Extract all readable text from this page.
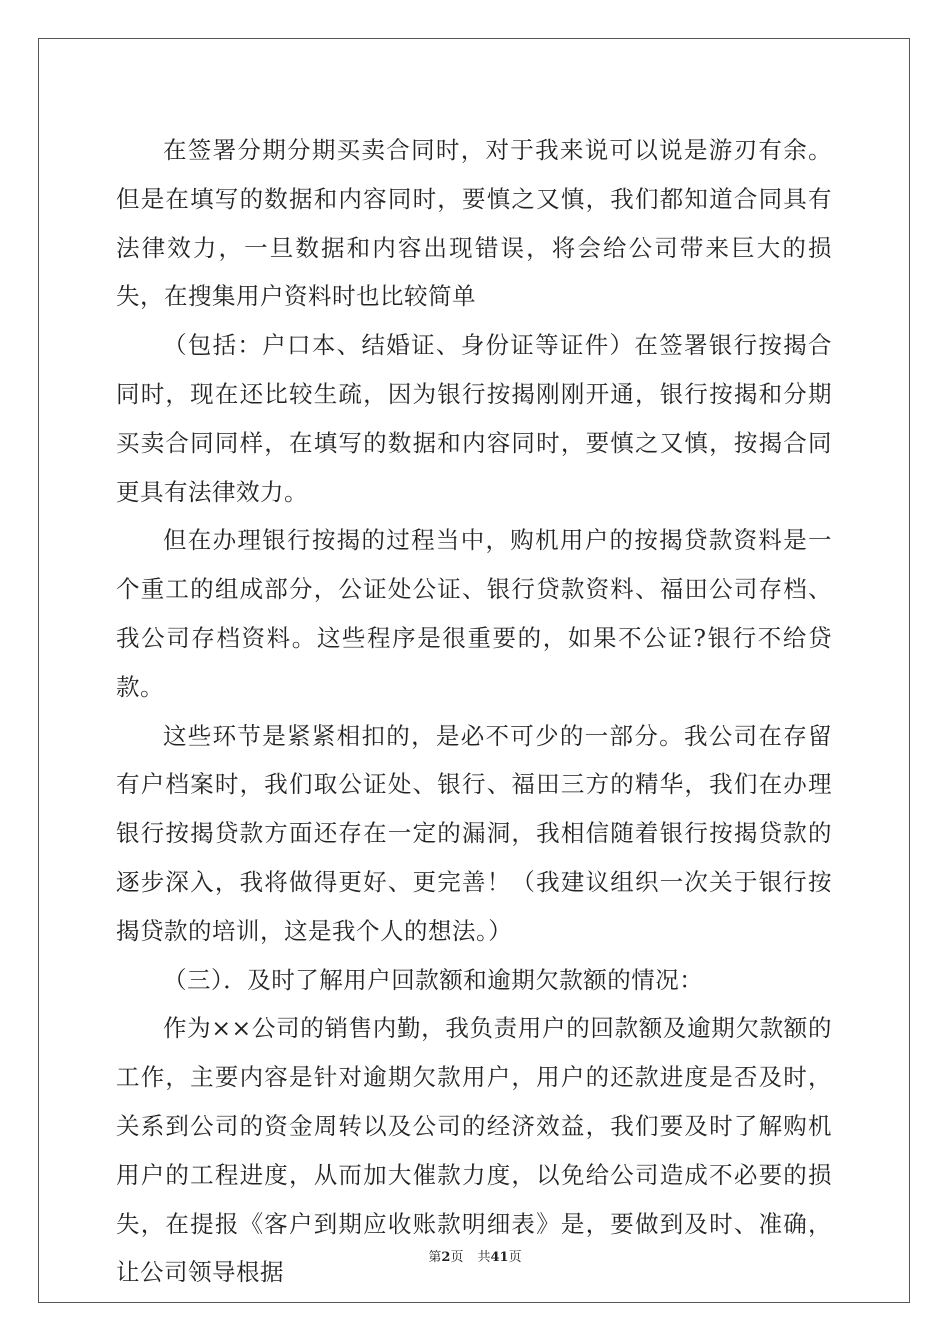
在签署分期分期买卖合同时，对于我来说可以说是游刃有余。但是在填写的数据和内容同时，要慎之又慎，我们都知道合同具有法律效力，一旦数据和内容出现错误，将会给公司带来巨大的损失，在搜集用户资料时也比较简单

（包括：户口本、结婚证、身份证等证件）在签署银行按揭合同时，现在还比较生疏，因为银行按揭刚刚开通，银行按揭和分期买卖合同同样，在填写的数据和内容同时，要慎之又慎，按揭合同更具有法律效力。

但在办理银行按揭的过程当中，购机用户的按揭贷款资料是一个重工的组成部分，公证处公证、银行贷款资料、福田公司存档、我公司存档资料。这些程序是很重要的，如果不公证?银行不给贷款。

这些环节是紧紧相扣的，是必不可少的一部分。我公司在存留有户档案时，我们取公证处、银行、福田三方的精华，我们在办理银行按揭贷款方面还存在一定的漏洞，我相信随着银行按揭贷款的逐步深入，我将做得更好、更完善！（我建议组织一次关于银行按揭贷款的培训，这是我个人的想法。）

（三）．及时了解用户回款额和逾期欠款额的情况：

作为××公司的销售内勤，我负责用户的回款额及逾期欠款额的工作，主要内容是针对逾期欠款用户，用户的还款进度是否及时，关系到公司的资金周转以及公司的经济效益，我们要及时了解购机用户的工程进度，从而加大催款力度，以免给公司造成不必要的损失，在提报《客户到期应收账款明细表》是，要做到及时、准确，让公司领导根据

第2页 共41页
